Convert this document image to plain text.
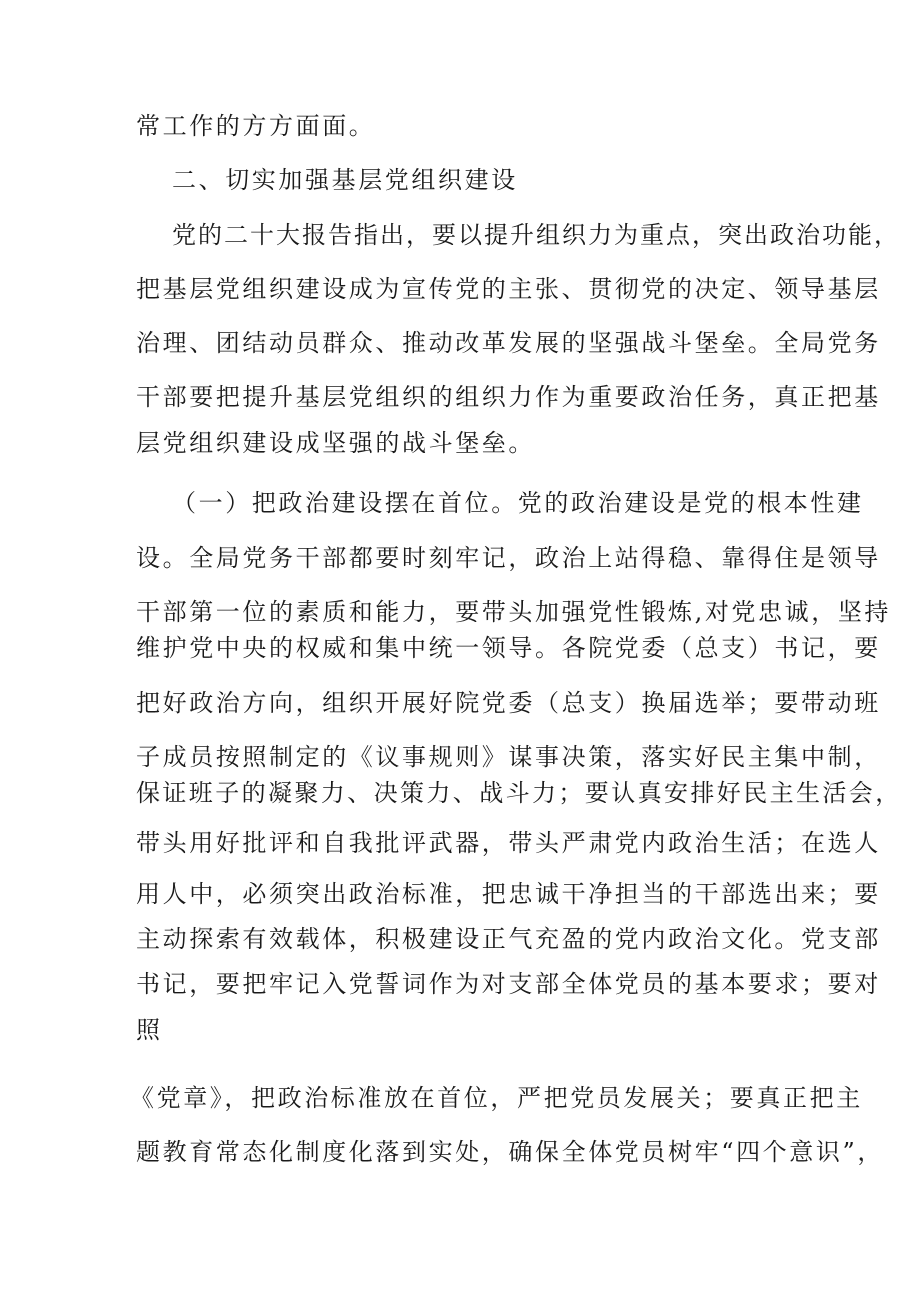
常工作的方方面面。
二、切实加强基层党组织建设
党的二十大报告指出，要以提升组织力为重点，突出政治功能，
把基层党组织建设成为宣传党的主张、贯彻党的决定、领导基层
治理、团结动员群众、推动改革发展的坚强战斗堡垒。全局党务
干部要把提升基层党组织的组织力作为重要政治任务，真正把基
层党组织建设成坚强的战斗堡垒。
（一）把政治建设摆在首位。党的政治建设是党的根本性建
设。全局党务干部都要时刻牢记，政治上站得稳、靠得住是领导
干部第一位的素质和能力，要带头加强党性锻炼,对党忠诚，坚持
维护党中央的权威和集中统一领导。各院党委（总支）书记，要
把好政治方向，组织开展好院党委（总支）换届选举；要带动班
子成员按照制定的《议事规则》谋事决策，落实好民主集中制，
保证班子的凝聚力、决策力、战斗力；要认真安排好民主生活会，
带头用好批评和自我批评武器，带头严肃党内政治生活；在选人
用人中，必须突出政治标准，把忠诚干净担当的干部选出来；要
主动探索有效载体，积极建设正气充盈的党内政治文化。党支部
书记，要把牢记入党誓词作为对支部全体党员的基本要求；要对
照
《党章》，把政治标准放在首位，严把党员发展关；要真正把主
题教育常态化制度化落到实处，确保全体党员树牢“四个意识”，
